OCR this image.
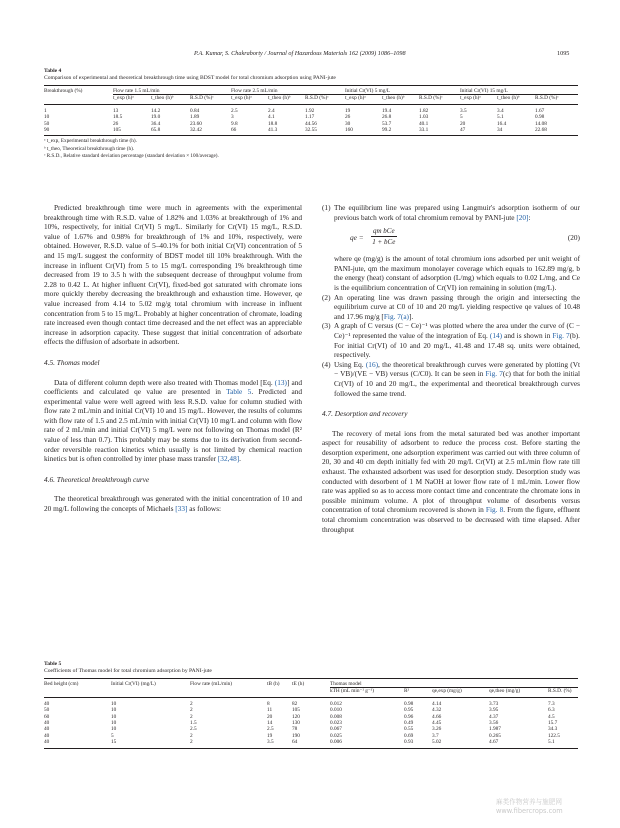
P.A. Kumar, S. Chakraborty / Journal of Hazardous Materials 162 (2009) 1086–1098	1095
Table 4
Comparison of experimental and theoretical breakthrough time using BDST model for total chromium adsorption using PANI-jute
Breakthrough (%)	Flow rate 1.5 mL/min			Flow rate 2.5 mL/min			Initial Cr(VI) 5 mg/L			Initial Cr(VI) 15 mg/L		
	t_exp (h)ᵃ	t_theo (h)ᵇ	R.S.D (%)ᶜ	t_exp (h)ᵃ	t_theo (h)ᵇ	R.S.D (%)ᶜ	t_exp (h)ᵃ	t_theo (h)ᵇ	R.S.D (%)ᶜ	t_exp (h)ᵃ	t_theo (h)ᵇ	R.S.D (%)ᶜ
1	13	14.2	0.84	2.5	2.4	1.92	19	19.4	1.82	3.5	3.4	1.67
10	18.5	19.0	1.89	3	4.1	1.17	26	26.8	1.03	5	5.1	0.98
50	26	36.4	23.60	9.8	18.8	44.56	30	53.7	40.1	20	16.4	14.08
90	105	65.8	32.42	66	41.3	32.55	160	99.2	33.1	47	34	22.68
ᵃ t_exp, Experimental breakthrough time (h).
ᵇ t_theo, Theoretical breakthrough time (h).
ᶜ R.S.D., Relative standard deviation percentage (standard deviation × 100/average).

Predicted breakthrough time were much in agreements with the experimental breakthrough time with R.S.D. value of 1.82% and 1.03% at breakthrough of 1% and 10%, respectively, for initial Cr(VI) 5 mg/L. Similarly for Cr(VI) 15 mg/L, R.S.D. value of 1.67% and 0.98% for breakthrough of 1% and 10%, respectively, were obtained. However, R.S.D. value of 5–40.1% for both initial Cr(VI) concentration of 5 and 15 mg/L suggest the conformity of BDST model till 10% breakthrough. With the increase in influent Cr(VI) from 5 to 15 mg/L corresponding 1% breakthrough time decreased from 19 to 3.5 h with the subsequent decrease of throughput volume from 2.28 to 0.42 L. At higher influent Cr(VI), fixed-bed got saturated with chromate ions more quickly thereby decreasing the breakthrough and exhaustion time. However, qe value increased from 4.14 to 5.02 mg/g total chromium with increase in influent concentration from 5 to 15 mg/L. Probably at higher concentration of chromate, loading rate increased even though contact time decreased and the net effect was an appreciable increase in adsorption capacity. These suggest that initial concentration of adsorbate effects the diffusion of adsorbate in adsorbent.

4.5. Thomas model

Data of different column depth were also treated with Thomas model [Eq. (13)] and coefficients and calculated qe value are presented in Table 5. Predicted and experimental value were well agreed with less R.S.D. value for column studied with flow rate 2 mL/min and initial Cr(VI) 10 and 15 mg/L. However, the results of columns with flow rate of 1.5 and 2.5 mL/min with initial Cr(VI) 10 mg/L and column with flow rate of 2 mL/min and initial Cr(VI) 5 mg/L were not following on Thomas model (R² value of less than 0.7). This probably may be stems due to its derivation from second-order reversible reaction kinetics which usually is not limited by chemical reaction kinetics but is often controlled by inter phase mass transfer [32,48].

4.6. Theoretical breakthrough curve

The theoretical breakthrough was generated with the initial concentration of 10 and 20 mg/L following the concepts of Michaels [33] as follows:

(1) The equilibrium line was prepared using Langmuir's adsorption isotherm of our previous batch work of total chromium removal by PANI-jute [20]:
qe =
qm bCe
1 + bCe	(20)
where qe (mg/g) is the amount of total chromium ions adsorbed per unit weight of PANI-jute, qm the maximum monolayer coverage which equals to 162.89 mg/g, b the energy (heat) constant of adsorption (L/mg) which equals to 0.02 L/mg, and Ce is the equilibrium concentration of Cr(VI) ion remaining in solution (mg/L).
(2) An operating line was drawn passing through the origin and intersecting the equilibrium curve at C0 of 10 and 20 mg/L yielding respective qe values of 10.48 and 17.96 mg/g [Fig. 7(a)].
(3) A graph of C versus (C − Ce)⁻¹ was plotted where the area under the curve of (C − Ce)⁻¹ represented the value of the integration of Eq. (14) and is shown in Fig. 7(b). For initial Cr(VI) of 10 and 20 mg/L, 41.48 and 17.48 sq. units were obtained, respectively.
(4) Using Eq. (16), the theoretical breakthrough curves were generated by plotting (Vt − VB)/(VE − VB) versus (C/C0). It can be seen in Fig. 7(c) that for both the initial Cr(VI) of 10 and 20 mg/L, the experimental and theoretical breakthrough curves followed the same trend.
4.7. Desorption and recovery

The recovery of metal ions from the metal saturated bed was another important aspect for reusability of adsorbent to reduce the process cost. Before starting the desorption experiment, one adsorption experiment was carried out with three column of 20, 30 and 40 cm depth initially fed with 20 mg/L Cr(VI) at 2.5 mL/min flow rate till exhaust. The exhausted adsorbent was used for desorption study. Desorption study was conducted with desorbent of 1 M NaOH at lower flow rate of 1 mL/min. Lower flow rate was applied so as to access more contact time and concentrate the chromate ions in possible minimum volume. A plot of throughput volume of desorbents versus concentration of total chromium recovered is shown in Fig. 8. From the figure, effluent total chromium concentration was observed to be decreased with time elapsed. After throughput

Table 5
Coefficients of Thomas model for total chromium adsorption by PANI-jute
Bed height (cm)	Initial Cr(VI) (mg/L)	Flow rate (mL/min)	tB (h)	tE (h)	Thomas model				
					kTH (mL min⁻¹ g⁻¹)	R²	qe,exp (mg/g)	qe,theo (mg/g)	R.S.D. (%)
40	10	2	8	82	0.012	0.98	4.14	3.73	7.3
50	10	2	11	105	0.010	0.95	4.32	3.95	6.3
60	10	2	20	120	0.008	0.96	4.66	4.37	4.5
40	10	1.5	14	130	0.023	0.49	4.45	3.56	15.7
40	10	2.5	2.5	78	0.067	0.55	3.26	1.987	34.3
40	5	2	19	190	0.025	0.69	3.7	0.265	122.5
40	15	2	3.5	64	0.006	0.93	5.02	4.67	5.1
麻类作物营养与施肥网
www.fibercrops.com
